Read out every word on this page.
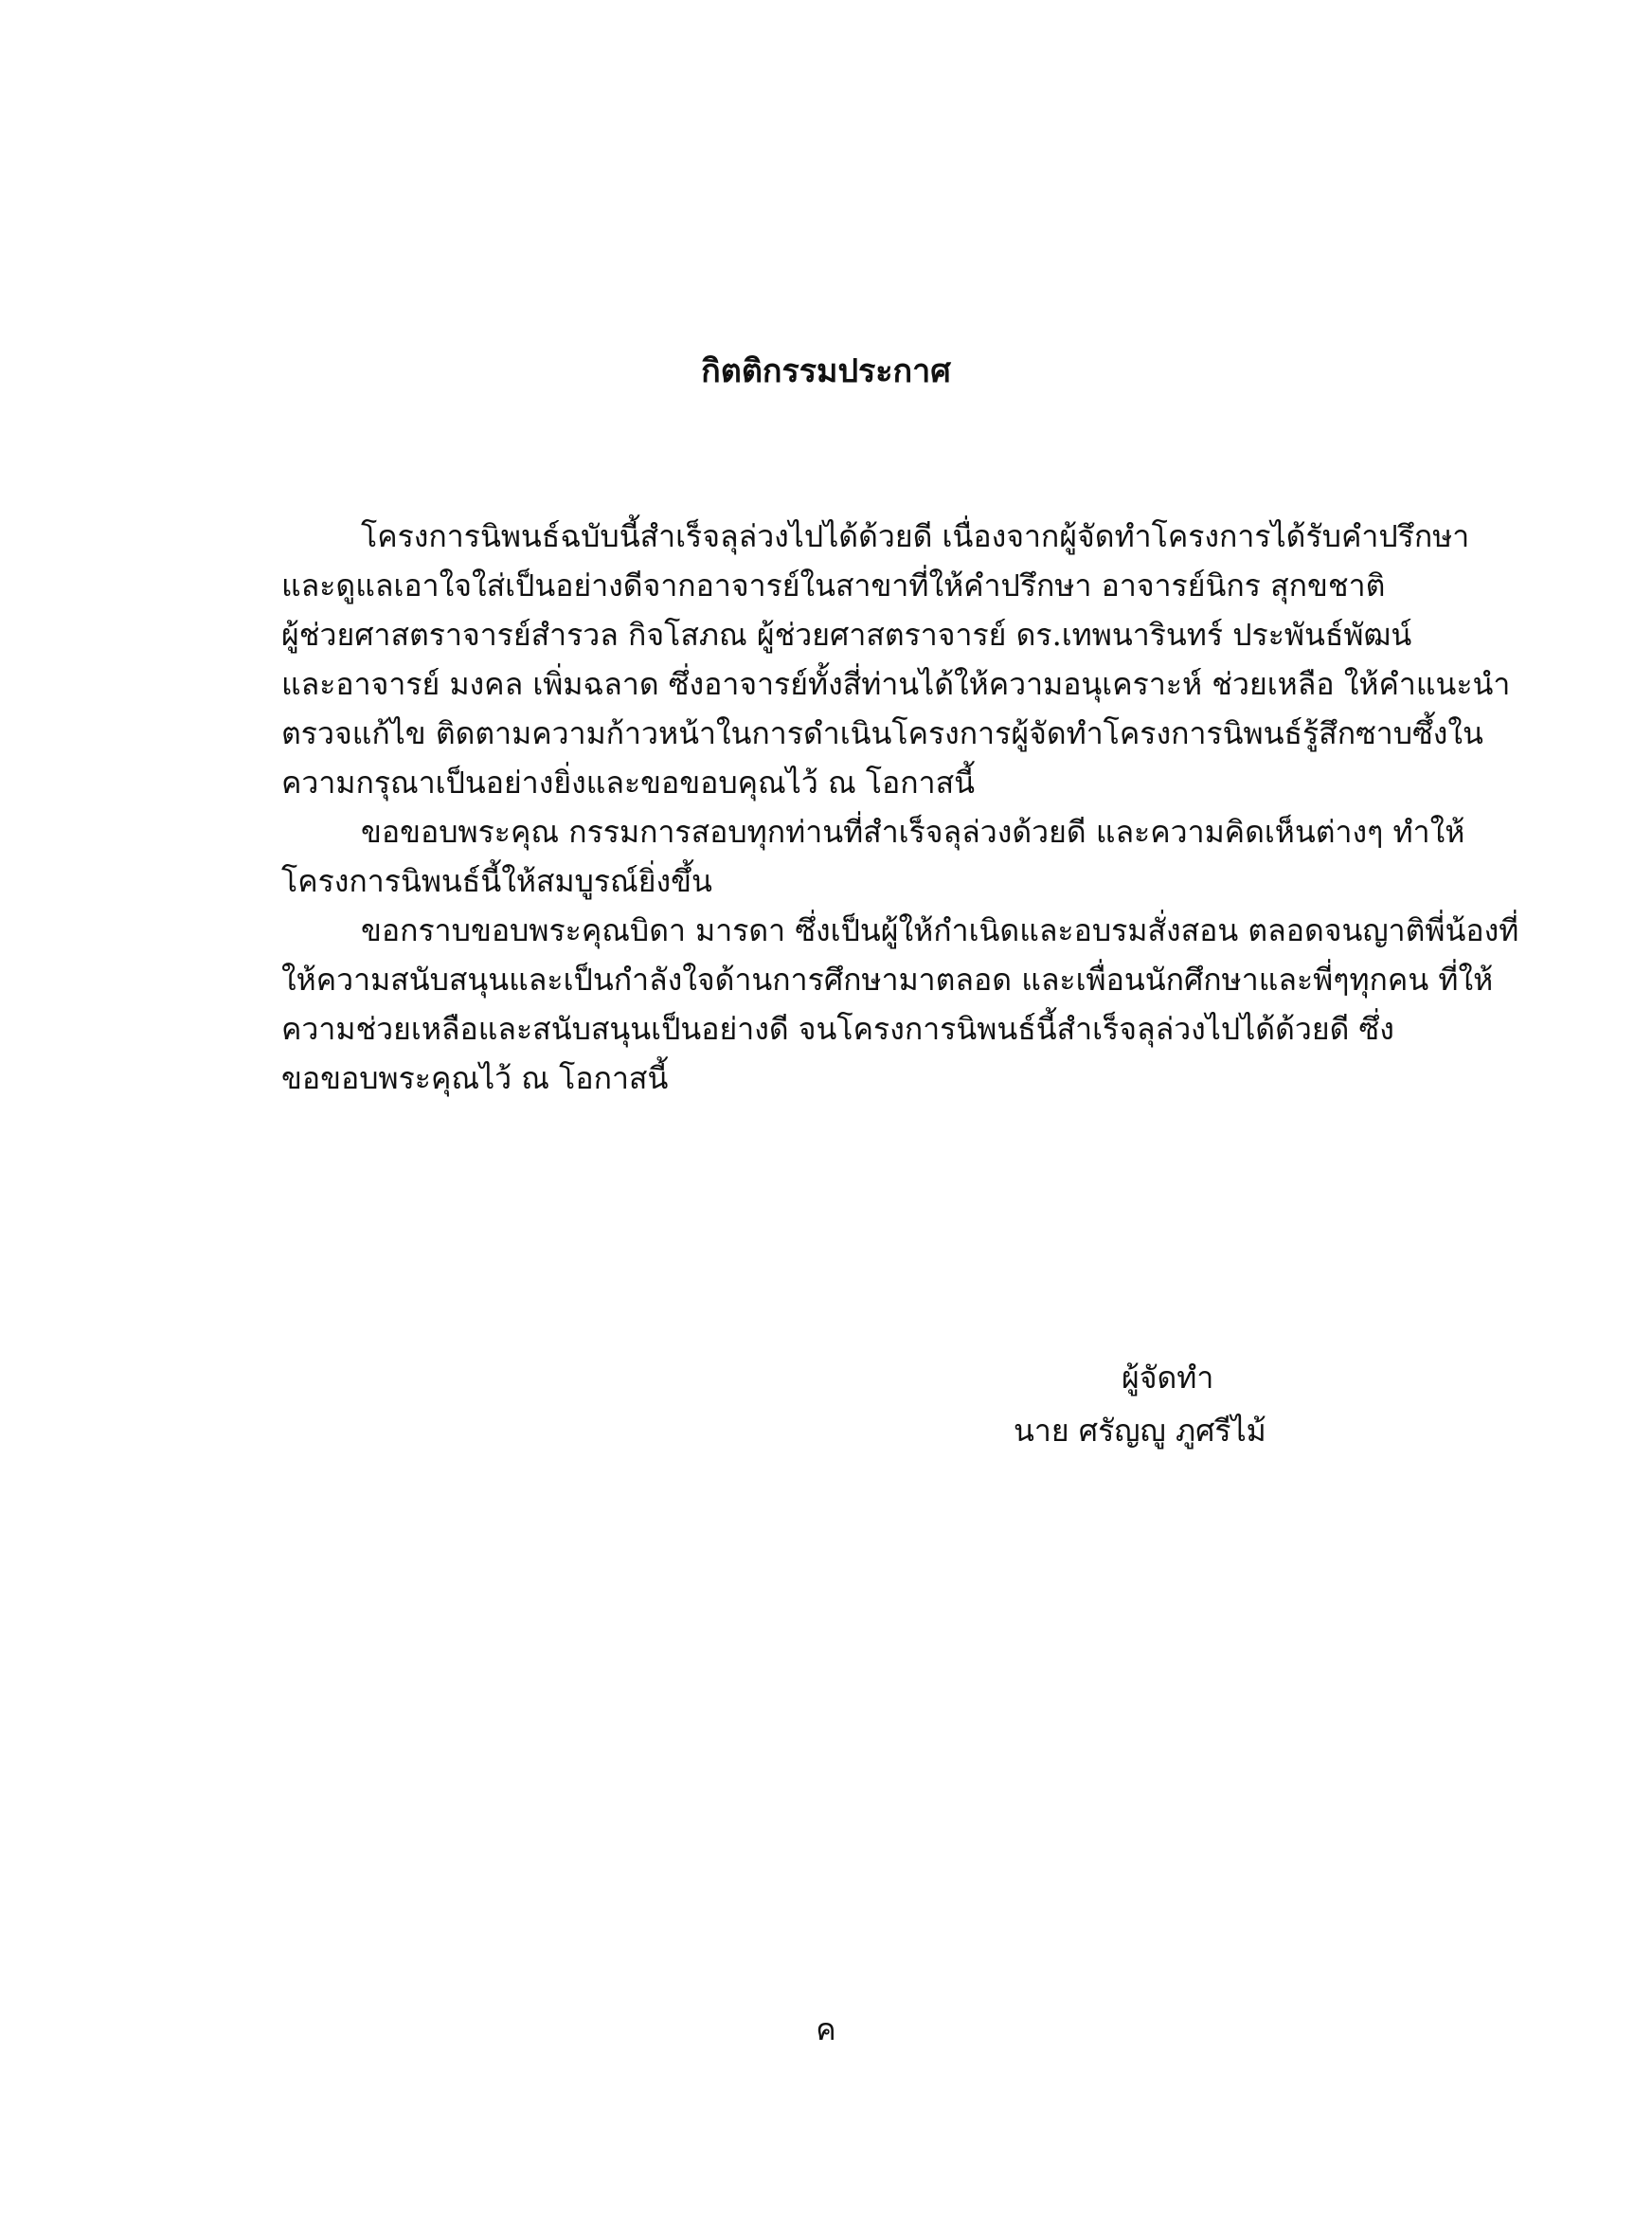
กิตติกรรมประกาศ
โครงการนิพนธ์ฉบับนี้สำเร็จลุล่วงไปได้ด้วยดี เนื่องจากผู้จัดทำโครงการได้รับคำปรึกษา
และดูแลเอาใจใส่เป็นอย่างดีจากอาจารย์ในสาขาที่ให้คำปรึกษา อาจารย์นิกร สุกขชาติ
ผู้ช่วยศาสตราจารย์สำรวล กิจโสภณ ผู้ช่วยศาสตราจารย์ ดร.เทพนารินทร์ ประพันธ์พัฒน์
และอาจารย์ มงคล เพิ่มฉลาด ซึ่งอาจารย์ทั้งสี่ท่านได้ให้ความอนุเคราะห์ ช่วยเหลือ ให้คำแนะนำ
ตรวจแก้ไข ติดตามความก้าวหน้าในการดำเนินโครงการผู้จัดทำโครงการนิพนธ์รู้สึกซาบซึ้งใน
ความกรุณาเป็นอย่างยิ่งและขอขอบคุณไว้ ณ โอกาสนี้
ขอขอบพระคุณ กรรมการสอบทุกท่านที่สำเร็จลุล่วงด้วยดี และความคิดเห็นต่างๆ ทำให้
โครงการนิพนธ์นี้ให้สมบูรณ์ยิ่งขึ้น
ขอกราบขอบพระคุณบิดา มารดา ซึ่งเป็นผู้ให้กำเนิดและอบรมสั่งสอน ตลอดจนญาติพี่น้องที่
ให้ความสนับสนุนและเป็นกำลังใจด้านการศึกษามาตลอด และเพื่อนนักศึกษาและพี่ๆทุกคน ที่ให้
ความช่วยเหลือและสนับสนุนเป็นอย่างดี จนโครงการนิพนธ์นี้สำเร็จลุล่วงไปได้ด้วยดี ซึ่ง
ขอขอบพระคุณไว้ ณ โอกาสนี้
ผู้จัดทำ
นาย ศรัญญู ภูศรีไม้
ค
